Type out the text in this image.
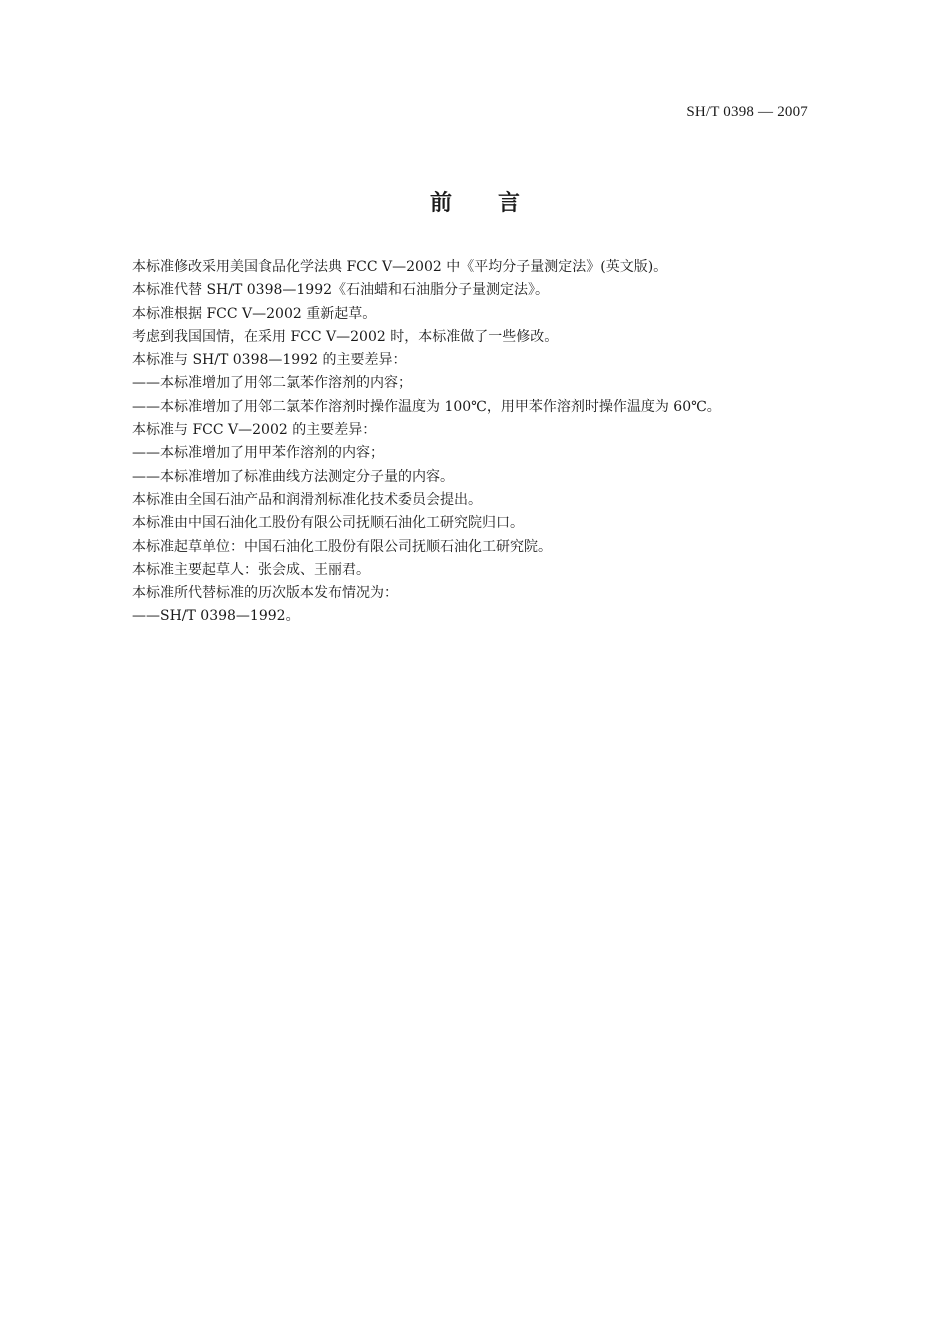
SH/T 0398 — 2007
前言

本标准修改采用美国食品化学法典 FCC V—2002 中《平均分子量测定法》(英文版)。

本标准代替 SH/T 0398—1992《石油蜡和石油脂分子量测定法》。

本标准根据 FCC V—2002 重新起草。

考虑到我国国情，在采用 FCC V—2002 时，本标准做了一些修改。

本标准与 SH/T 0398—1992 的主要差异：

——本标准增加了用邻二氯苯作溶剂的内容；

——本标准增加了用邻二氯苯作溶剂时操作温度为 100℃，用甲苯作溶剂时操作温度为 60℃。

本标准与 FCC V—2002 的主要差异：

——本标准增加了用甲苯作溶剂的内容；

——本标准增加了标准曲线方法测定分子量的内容。

本标准由全国石油产品和润滑剂标准化技术委员会提出。

本标准由中国石油化工股份有限公司抚顺石油化工研究院归口。

本标准起草单位：中国石油化工股份有限公司抚顺石油化工研究院。

本标准主要起草人：张会成、王丽君。

本标准所代替标准的历次版本发布情况为：

——SH/T 0398—1992。
